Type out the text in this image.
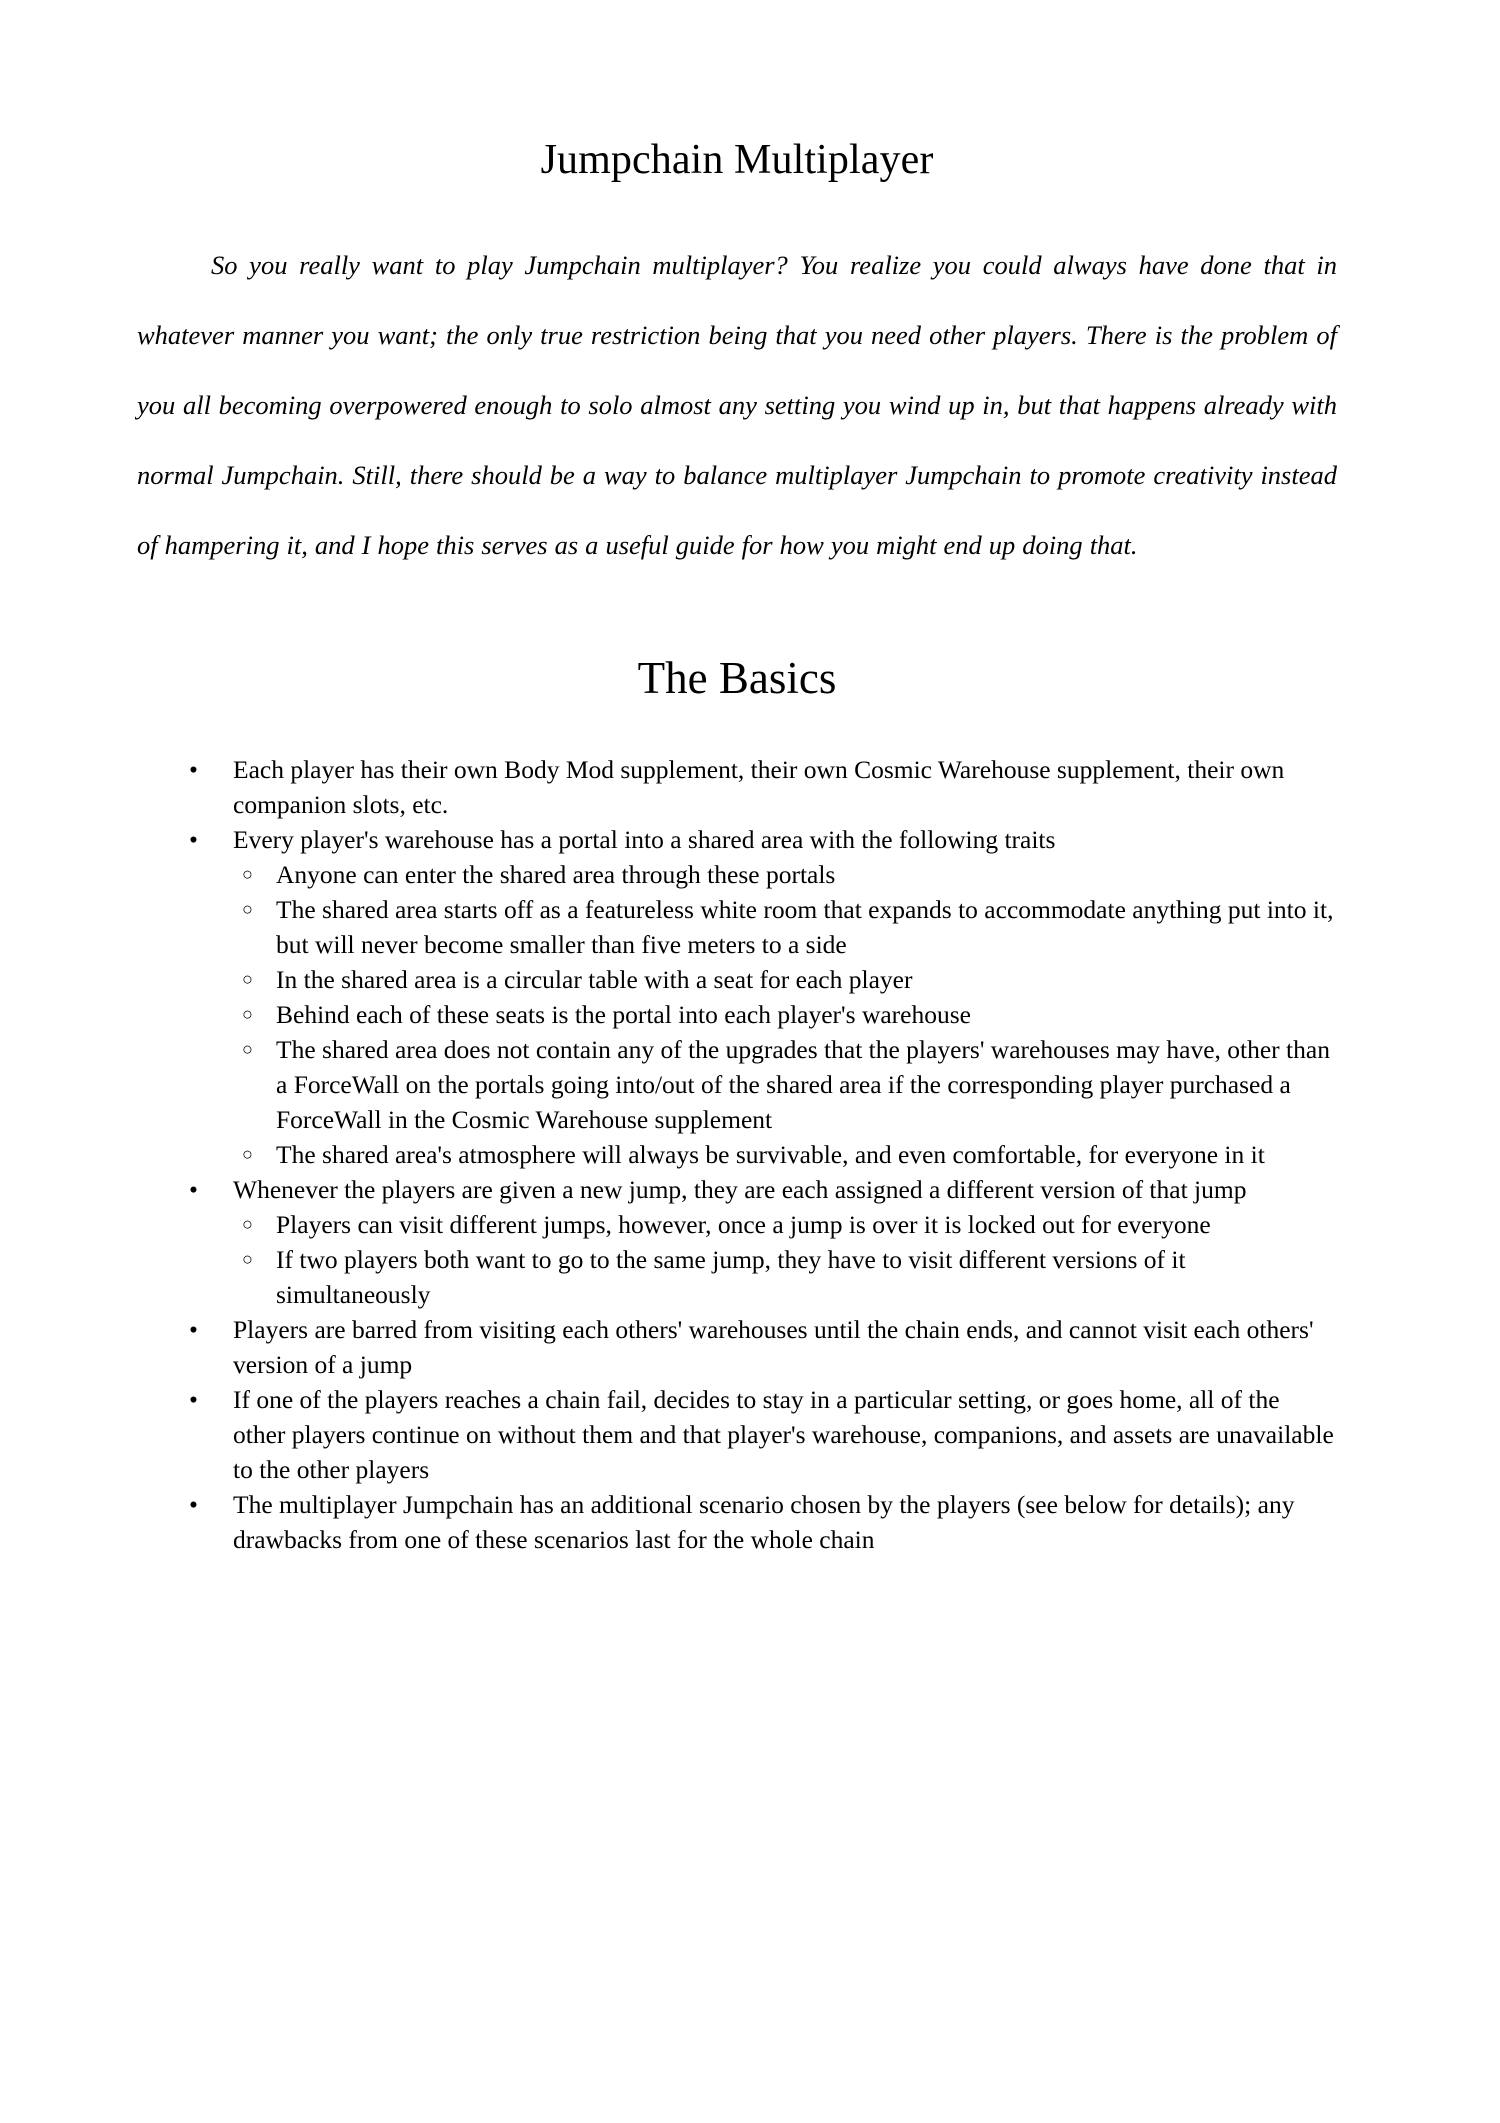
Jumpchain Multiplayer

So you really want to play Jumpchain multiplayer? You realize you could always have done that in whatever manner you want; the only true restriction being that you need other players. There is the problem of you all becoming overpowered enough to solo almost any setting you wind up in, but that happens already with normal Jumpchain. Still, there should be a way to balance multiplayer Jumpchain to promote creativity instead of hampering it, and I hope this serves as a useful guide for how you might end up doing that.

The Basics
• Each player has their own Body Mod supplement, their own Cosmic Warehouse supplement, their own companion slots, etc.
• Every player's warehouse has a portal into a shared area with the following traits
○ Anyone can enter the shared area through these portals
○ The shared area starts off as a featureless white room that expands to accommodate anything put into it, but will never become smaller than five meters to a side
○ In the shared area is a circular table with a seat for each player
○ Behind each of these seats is the portal into each player's warehouse
○ The shared area does not contain any of the upgrades that the players' warehouses may have, other than a ForceWall on the portals going into/out of the shared area if the corresponding player purchased a ForceWall in the Cosmic Warehouse supplement
○ The shared area's atmosphere will always be survivable, and even comfortable, for everyone in it
• Whenever the players are given a new jump, they are each assigned a different version of that jump
○ Players can visit different jumps, however, once a jump is over it is locked out for everyone
○ If two players both want to go to the same jump, they have to visit different versions of it simultaneously
• Players are barred from visiting each others' warehouses until the chain ends, and cannot visit each others' version of a jump
• If one of the players reaches a chain fail, decides to stay in a particular setting, or goes home, all of the other players continue on without them and that player's warehouse, companions, and assets are unavailable to the other players
• The multiplayer Jumpchain has an additional scenario chosen by the players (see below for details); any drawbacks from one of these scenarios last for the whole chain
